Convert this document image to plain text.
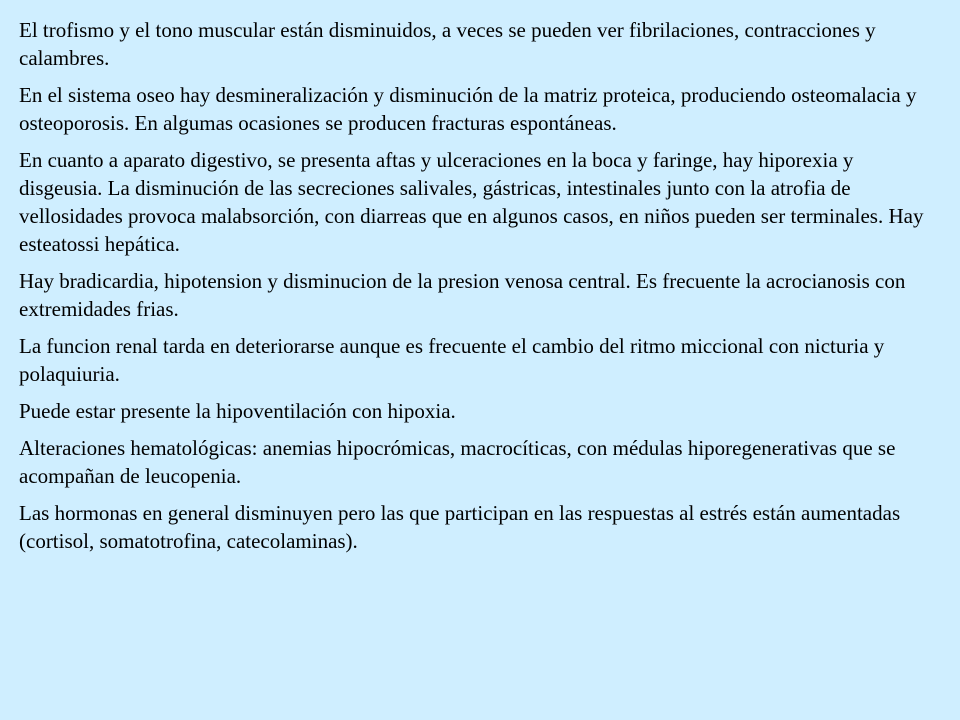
El trofismo y el tono muscular están disminuidos, a veces se pueden ver fibrilaciones, contracciones y calambres.

En el sistema oseo hay desmineralización y disminución de la matriz proteica, produciendo osteomalacia y osteoporosis. En algumas ocasiones se producen fracturas espontáneas.

En cuanto a aparato digestivo, se presenta aftas y ulceraciones en la boca y faringe, hay hiporexia y disgeusia. La disminución de las secreciones salivales, gástricas, intestinales junto con la atrofia de vellosidades provoca malabsorción, con diarreas que en algunos casos, en niños pueden ser terminales. Hay esteatossi hepática.

Hay bradicardia, hipotension y disminucion de la presion venosa central. Es frecuente la acrocianosis con extremidades frias.

La funcion renal tarda en deteriorarse aunque es frecuente el cambio del ritmo miccional con nicturia y polaquiuria.

Puede estar presente la hipoventilación con hipoxia.

Alteraciones hematológicas: anemias hipocrómicas, macrocíticas, con médulas hiporegenerativas que se acompañan de leucopenia.

Las hormonas en general disminuyen pero las que participan en las respuestas al estrés están aumentadas (cortisol, somatotrofina, catecolaminas).
